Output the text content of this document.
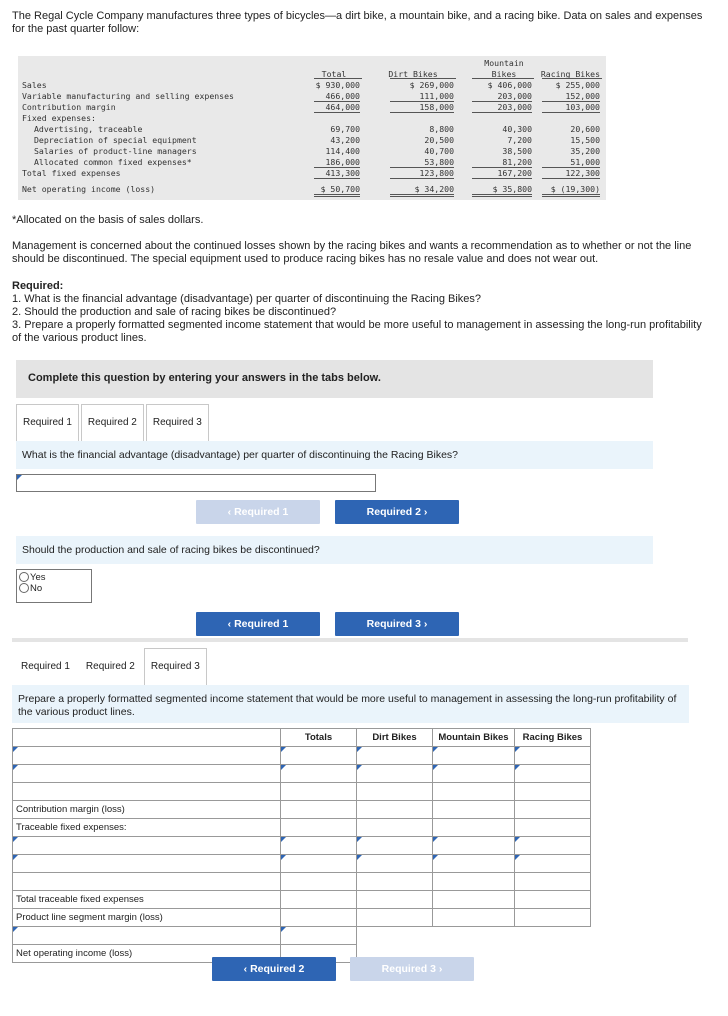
The Regal Cycle Company manufactures three types of bicycles—a dirt bike, a mountain bike, and a racing bike. Data on sales and expenses for the past quarter follow:
Mountain
Total	Dirt Bikes	Bikes	Racing Bikes
Sales	$ 930,000	$ 269,000	$ 406,000	$ 255,000
Variable manufacturing and selling expenses	466,000	111,000	203,000	152,000
Contribution margin	464,000	158,000	203,000	103,000
Fixed expenses:
Advertising, traceable	69,700	8,800	40,300	20,600
Depreciation of special equipment	43,200	20,500	7,200	15,500
Salaries of product-line managers	114,400	40,700	38,500	35,200
Allocated common fixed expenses*	186,000	53,800	81,200	51,000
Total fixed expenses	413,300	123,800	167,200	122,300
Net operating income (loss)	$ 50,700	$ 34,200	$ 35,800	$ (19,300)
*Allocated on the basis of sales dollars.
Management is concerned about the continued losses shown by the racing bikes and wants a recommendation as to whether or not the line should be discontinued. The special equipment used to produce racing bikes has no resale value and does not wear out.
Required:
1. What is the financial advantage (disadvantage) per quarter of discontinuing the Racing Bikes?
2. Should the production and sale of racing bikes be discontinued?
3. Prepare a properly formatted segmented income statement that would be more useful to management in assessing the long-run profitability of the various product lines.
Complete this question by entering your answers in the tabs below.
Required 1	Required 2	Required 3
What is the financial advantage (disadvantage) per quarter of discontinuing the Racing Bikes?
‹ Required 1	Required 2 ›
Should the production and sale of racing bikes be discontinued?
Yes
No
‹ Required 1	Required 3 ›
Required 1	Required 2	Required 3
Prepare a properly formatted segmented income statement that would be more useful to management in assessing the long-run profitability of the various product lines.
	Totals	Dirt Bikes	Mountain Bikes	Racing Bikes

Contribution margin (loss)				
Traceable fixed expenses:				

Total traceable fixed expenses				
Product line segment margin (loss)				

Net operating income (loss)				
‹ Required 2	Required 3 ›
